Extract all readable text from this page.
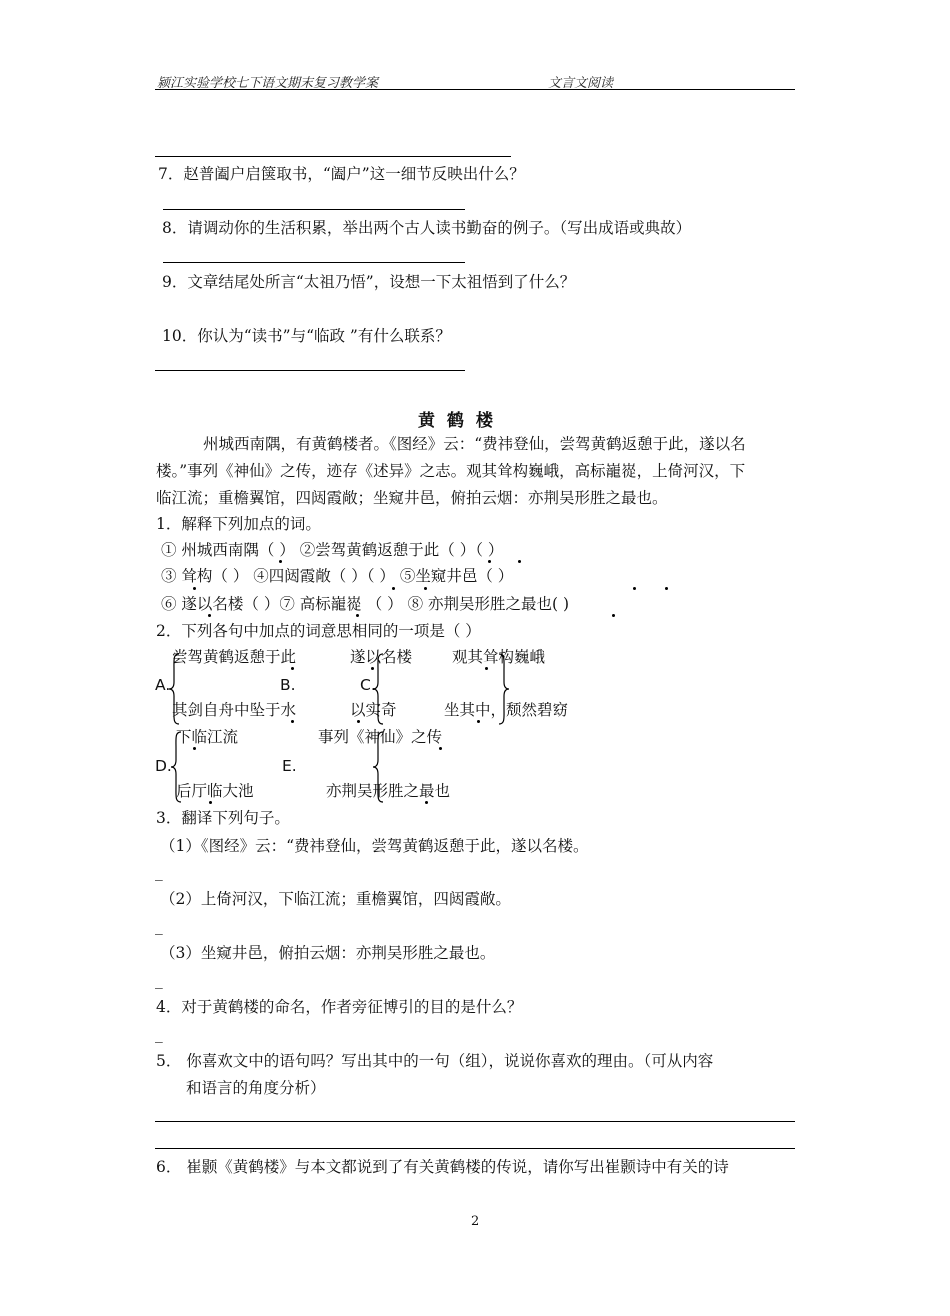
颍江实验学校七下语文期末复习教学案	文言文阅读
7．赵普阖户启箧取书，“阖户”这一细节反映出什么？
8．请调动你的生活积累，举出两个古人读书勤奋的例子。（写出成语或典故）
9．文章结尾处所言“太祖乃悟”，设想一下太祖悟到了什么？
10．你认为“读书”与“临政 ”有什么联系？
黄 鹤 楼
州城西南隅，有黄鹤楼者。《图经》云：“费祎登仙，尝驾黄鹤返憩于此，遂以名
楼。”事列《神仙》之传，迹存《述异》之志。观其耸构巍峨，高标巃嵸，上倚河汉，下
临江流；重檐翼馆，四闼霞敞；坐窥井邑，俯拍云烟：亦荆吴形胜之最也。
1．解释下列加点的词。
① 州城西南隅（ ） ②尝驾黄鹤返憩于此（ ）（ ）
③ 耸构（ ） ④四闼霞敞（ ）（ ） ⑤坐窥井邑（ ）
⑥ 遂以名楼（ ）⑦ 高标巃嵸 （ ） ⑧ 亦荆吴形胜之最也( )
2．下列各句中加点的词意思相同的一项是（ ）
尝驾黄鹤返憩于此	遂以名楼	观其耸构巍峨
A.	B.	C.
其剑自舟中坠于水	以实奇	坐其中，颓然碧窈
下临江流	事列《神仙》之传
D.	E.
后厅临大池	亦荆吴形胜之最也
3．翻译下列句子。
（1）《图经》云：“费祎登仙，尝驾黄鹤返憩于此，遂以名楼。
_
（2）上倚河汉，下临江流；重檐翼馆，四闼霞敞。
_
（3）坐窥井邑，俯拍云烟：亦荆吴形胜之最也。
_
4．对于黄鹤楼的命名，作者旁征博引的目的是什么？
_
5． 你喜欢文中的语句吗？写出其中的一句（组），说说你喜欢的理由。（可从内容
和语言的角度分析）
6． 崔颢《黄鹤楼》与本文都说到了有关黄鹤楼的传说，请你写出崔颢诗中有关的诗
2
